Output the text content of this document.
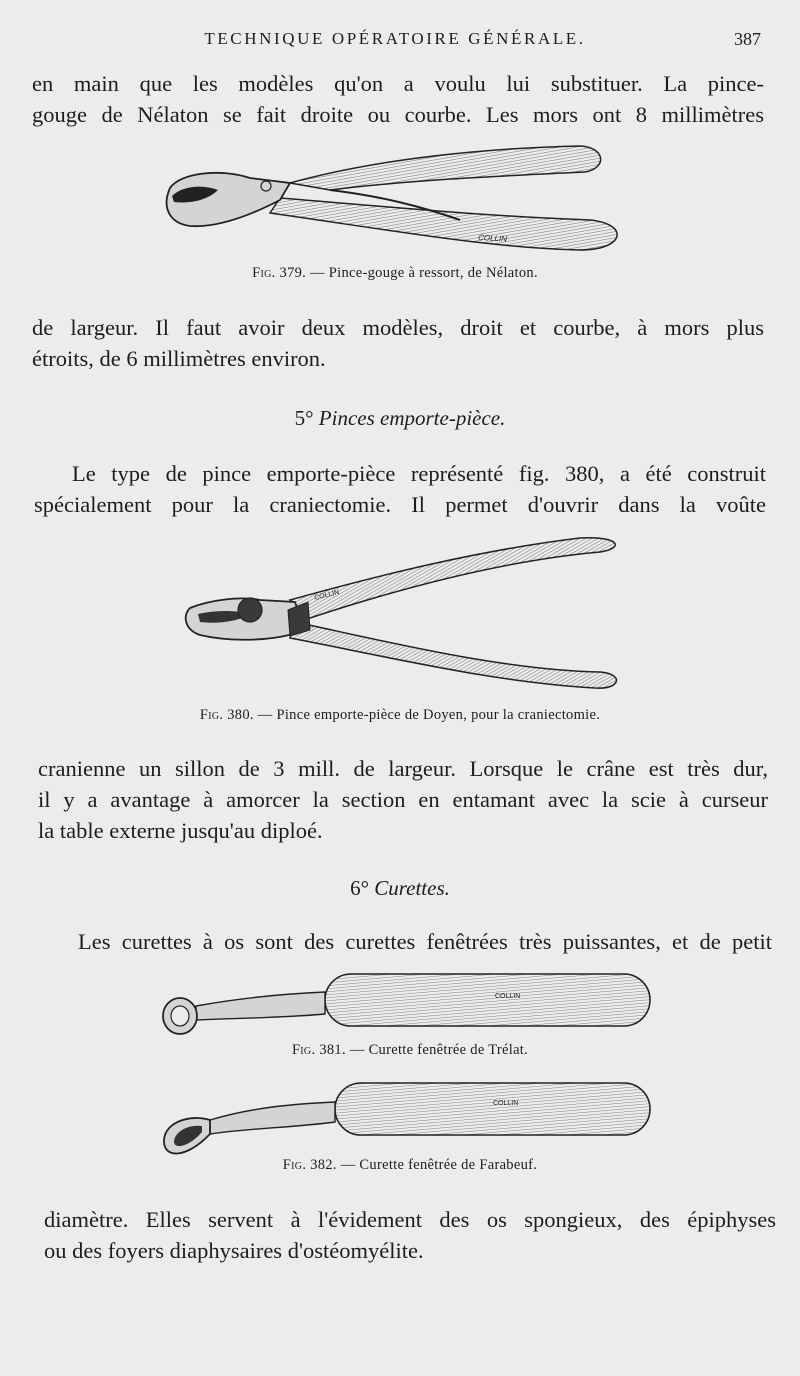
TECHNIQUE OPÉRATOIRE GÉNÉRALE.	387
en main que les modèles qu'on a voulu lui substituer. La pince-
gouge de Nélaton se fait droite ou courbe. Les mors ont 8 millimètres
COLLIN
Fig. 379. — Pince-gouge à ressort, de Nélaton.
de largeur. Il faut avoir deux modèles, droit et courbe, à mors plus
étroits, de 6 millimètres environ.
5° Pinces emporte-pièce.
Le type de pince emporte-pièce représenté fig. 380, a été construit
spécialement pour la craniectomie. Il permet d'ouvrir dans la voûte
COLLIN
Fig. 380. — Pince emporte-pièce de Doyen, pour la craniectomie.
cranienne un sillon de 3 mill. de largeur. Lorsque le crâne est très dur,
il y a avantage à amorcer la section en entamant avec la scie à curseur
la table externe jusqu'au diploé.
6° Curettes.
Les curettes à os sont des curettes fenêtrées très puissantes, et de petit
COLLIN
Fig. 381. — Curette fenêtrée de Trélat.
COLLIN
Fig. 382. — Curette fenêtrée de Farabeuf.
diamètre. Elles servent à l'évidement des os spongieux, des épiphyses
ou des foyers diaphysaires d'ostéomyélite.
